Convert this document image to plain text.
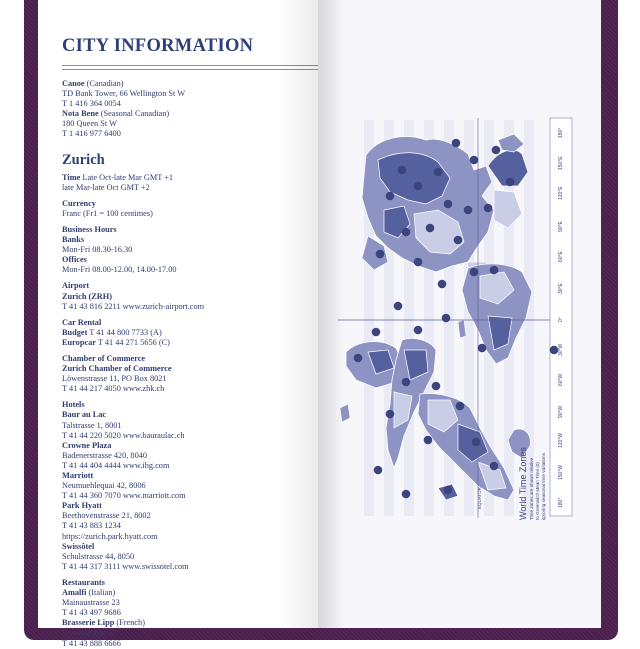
CITY INFORMATION
Canoe (Canadian)
TD Bank Tower, 66 Wellington St W
T 1 416 364 0054
Nota Bene (Seasonal Canadian)
180 Queen St W
T 1 416 977 6400
Zurich
Time Late Oct-late Mar GMT +1
late Mar-late Oct GMT +2
Currency
Franc (Fr1 = 100 centimes)
Business Hours
Banks
Mon-Fri 08.30-16.30
Offices
Mon-Fri 08.00-12.00, 14.00-17.00
Airport
Zurich (ZRH)
T 41 43 816 2211 www.zurich-airport.com
Car Rental
Budget T 41 44 800 7733 (A)
Europcar T 41 44 271 5656 (C)
Chamber of Commerce
Zurich Chamber of Commerce
Löwenstrasse 11, PO Box 8021
T 41 44 217 4050 www.zhk.ch
Hotels
Baur au Lac
Talstrasse 1, 8001
T 41 44 220 5020 www.bauraulac.ch
Crowne Plaza
Badenerstrasse 420, 8040
T 41 44 404 4444 www.ihg.com
Marriott
Neumuehlequai 42, 8006
T 41 44 360 7070 www.marriott.com
Park Hyatt
Beethovenstrasse 21, 8002
T 41 43 883 1234
https://zurich.park.hyatt.com
Swissôtel
Schulstrasse 44, 8050
T 41 44 317 3111 www.swissotel.com
Restaurants
Amalfi (Italian)
Mainaustrasse 23
T 41 43 497 9686
Brasserie Lipp (French)
Uraniastrasse 9
T 41 43 888 6666
EQUATOR
180°
150°E
120°E
90°E
60°E
30°E
0°
30°W
60°W
90°W
120°W
150°W
180°
World Time Zones Time zones are shown relative to Greenwich Mean Time (0) ignoring seasonal time variations
